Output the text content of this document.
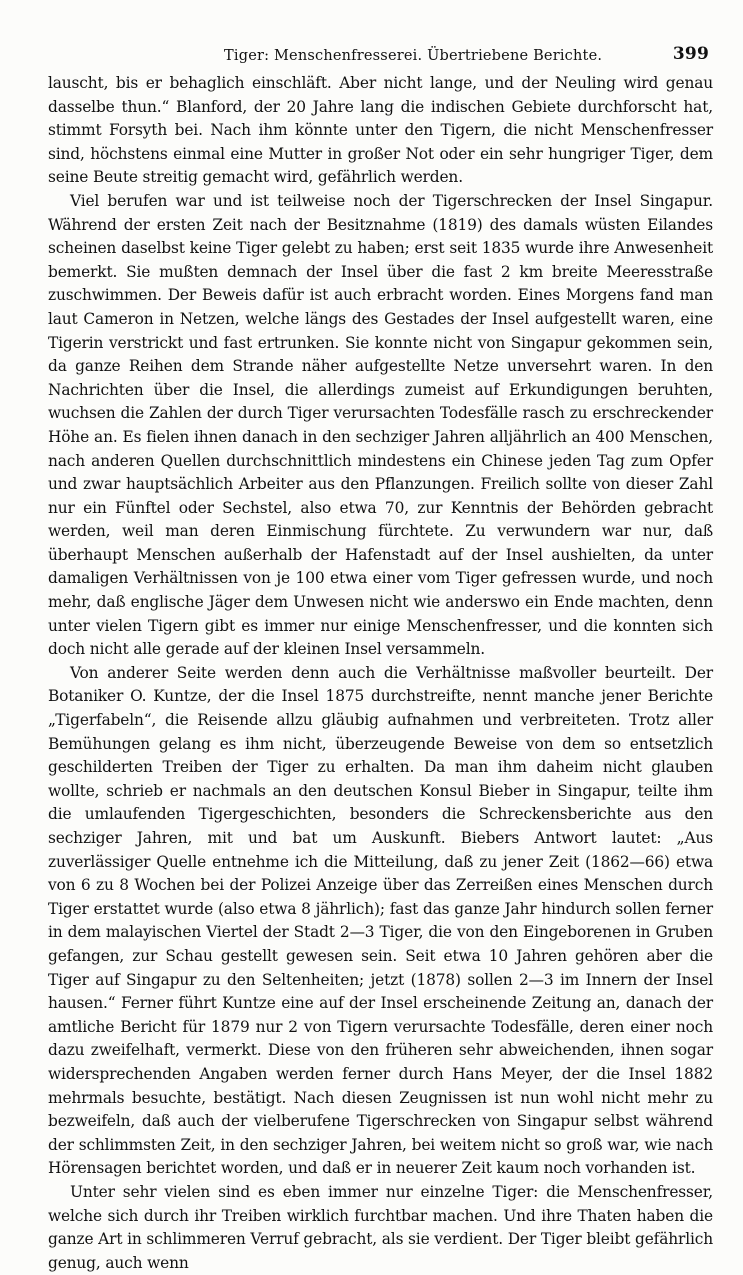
Tiger: Menschenfresserei. Übertriebene Berichte.	399

lauscht, bis er behaglich einschläft. Aber nicht lange, und der Neuling wird genau dasselbe thun.“ Blanford, der 20 Jahre lang die indischen Gebiete durchforscht hat, stimmt Forsyth bei. Nach ihm könnte unter den Tigern, die nicht Menschenfresser sind, höchstens einmal eine Mutter in großer Not oder ein sehr hungriger Tiger, dem seine Beute streitig gemacht wird, gefährlich werden.

Viel berufen war und ist teilweise noch der Tigerschrecken der Insel Singapur. Während der ersten Zeit nach der Besitznahme (1819) des damals wüsten Eilandes scheinen daselbst keine Tiger gelebt zu haben; erst seit 1835 wurde ihre Anwesenheit bemerkt. Sie mußten demnach der Insel über die fast 2 km breite Meeresstraße zuschwimmen. Der Beweis dafür ist auch erbracht worden. Eines Morgens fand man laut Cameron in Netzen, welche längs des Gestades der Insel aufgestellt waren, eine Tigerin verstrickt und fast ertrunken. Sie konnte nicht von Singapur gekommen sein, da ganze Reihen dem Strande näher aufgestellte Netze unversehrt waren. In den Nachrichten über die Insel, die allerdings zumeist auf Erkundigungen beruhten, wuchsen die Zahlen der durch Tiger verursachten Todesfälle rasch zu erschreckender Höhe an. Es fielen ihnen danach in den sechziger Jahren alljährlich an 400 Menschen, nach anderen Quellen durchschnittlich mindestens ein Chinese jeden Tag zum Opfer und zwar hauptsächlich Arbeiter aus den Pflanzungen. Freilich sollte von dieser Zahl nur ein Fünftel oder Sechstel, also etwa 70, zur Kenntnis der Behörden gebracht werden, weil man deren Einmischung fürchtete. Zu verwundern war nur, daß überhaupt Menschen außerhalb der Hafenstadt auf der Insel aushielten, da unter damaligen Verhältnissen von je 100 etwa einer vom Tiger gefressen wurde, und noch mehr, daß englische Jäger dem Unwesen nicht wie anderswo ein Ende machten, denn unter vielen Tigern gibt es immer nur einige Menschenfresser, und die konnten sich doch nicht alle gerade auf der kleinen Insel versammeln.

Von anderer Seite werden denn auch die Verhältnisse maßvoller beurteilt. Der Botaniker O. Kuntze, der die Insel 1875 durchstreifte, nennt manche jener Berichte „Tigerfabeln“, die Reisende allzu gläubig aufnahmen und verbreiteten. Trotz aller Bemühungen gelang es ihm nicht, überzeugende Beweise von dem so entsetzlich geschilderten Treiben der Tiger zu erhalten. Da man ihm daheim nicht glauben wollte, schrieb er nachmals an den deutschen Konsul Bieber in Singapur, teilte ihm die umlaufenden Tigergeschichten, besonders die Schreckensberichte aus den sechziger Jahren, mit und bat um Auskunft. Biebers Antwort lautet: „Aus zuverlässiger Quelle entnehme ich die Mitteilung, daß zu jener Zeit (1862—66) etwa von 6 zu 8 Wochen bei der Polizei Anzeige über das Zerreißen eines Menschen durch Tiger erstattet wurde (also etwa 8 jährlich); fast das ganze Jahr hindurch sollen ferner in dem malayischen Viertel der Stadt 2—3 Tiger, die von den Eingeborenen in Gruben gefangen, zur Schau gestellt gewesen sein. Seit etwa 10 Jahren gehören aber die Tiger auf Singapur zu den Seltenheiten; jetzt (1878) sollen 2—3 im Innern der Insel hausen.“ Ferner führt Kuntze eine auf der Insel erscheinende Zeitung an, danach der amtliche Bericht für 1879 nur 2 von Tigern verursachte Todesfälle, deren einer noch dazu zweifelhaft, vermerkt. Diese von den früheren sehr abweichenden, ihnen sogar widersprechenden Angaben werden ferner durch Hans Meyer, der die Insel 1882 mehrmals besuchte, bestätigt. Nach diesen Zeugnissen ist nun wohl nicht mehr zu bezweifeln, daß auch der vielberufene Tigerschrecken von Singapur selbst während der schlimmsten Zeit, in den sechziger Jahren, bei weitem nicht so groß war, wie nach Hörensagen berichtet worden, und daß er in neuerer Zeit kaum noch vorhanden ist.

Unter sehr vielen sind es eben immer nur einzelne Tiger: die Menschenfresser, welche sich durch ihr Treiben wirklich furchtbar machen. Und ihre Thaten haben die ganze Art in schlimmeren Verruf gebracht, als sie verdient. Der Tiger bleibt gefährlich genug, auch wenn
